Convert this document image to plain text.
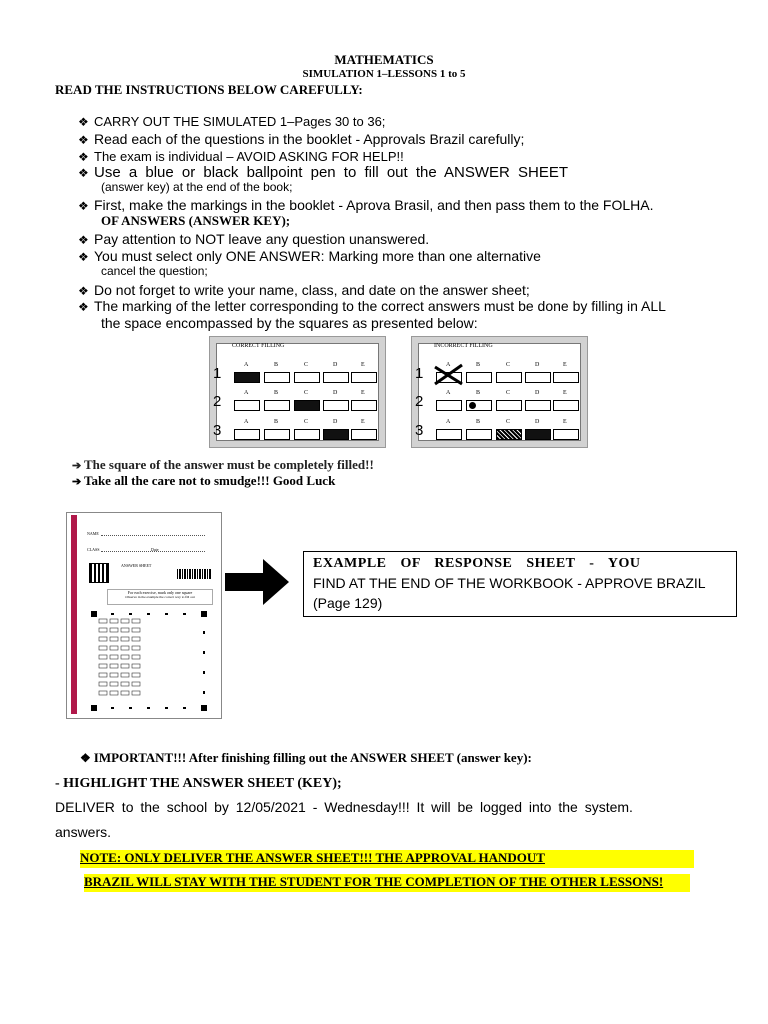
MATHEMATICS
SIMULATION 1–LESSONS 1 to 5
READ THE INSTRUCTIONS BELOW CAREFULLY:
❖ CARRY OUT THE SIMULATED 1–Pages 30 to 36;
❖ Read each of the questions in the booklet - Approvals Brazil carefully;
❖ The exam is individual – AVOID ASKING FOR HELP!!
❖ Use a blue or black ballpoint pen to fill out the ANSWER SHEET
(answer key) at the end of the book;
❖ First, make the markings in the booklet - Aprova Brasil, and then pass them to the FOLHA.
OF ANSWERS (ANSWER KEY);
❖ Pay attention to NOT leave any question unanswered.
❖ You must select only ONE ANSWER: Marking more than one alternative
cancel the question;
❖ Do not forget to write your name, class, and date on the answer sheet;
❖ The marking of the letter corresponding to the correct answers must be done by filling in ALL
the space encompassed by the squares as presented below:
CORRECT FILLING
1
2
3
A	B	C	D	E
A	B	C	D	E
A	B	C	D	E
INCORRECT FILLING
1
2
3
A	B	C	D	E
A	B	C	D	E
A	B	C	D	E
➔ The square of the answer must be completely filled!!
➔ Take all the care not to smudge!!! Good Luck
NAME
CLASS	Date
ANSWER SHEET
For each exercise, mark only one square
Observe in the example the correct way to fill out
EXAMPLE OF RESPONSE SHEET - YOU
FIND AT THE END OF THE WORKBOOK - APPROVE BRAZIL
(Page 129)
❖ IMPORTANT!!! After finishing filling out the ANSWER SHEET (answer key):
- HIGHLIGHT THE ANSWER SHEET (KEY);
DELIVER to the school by 12/05/2021 - Wednesday!!! It will be logged into the system.
answers.
NOTE: ONLY DELIVER THE ANSWER SHEET!!! THE APPROVAL HANDOUT
BRAZIL WILL STAY WITH THE STUDENT FOR THE COMPLETION OF THE OTHER LESSONS!
